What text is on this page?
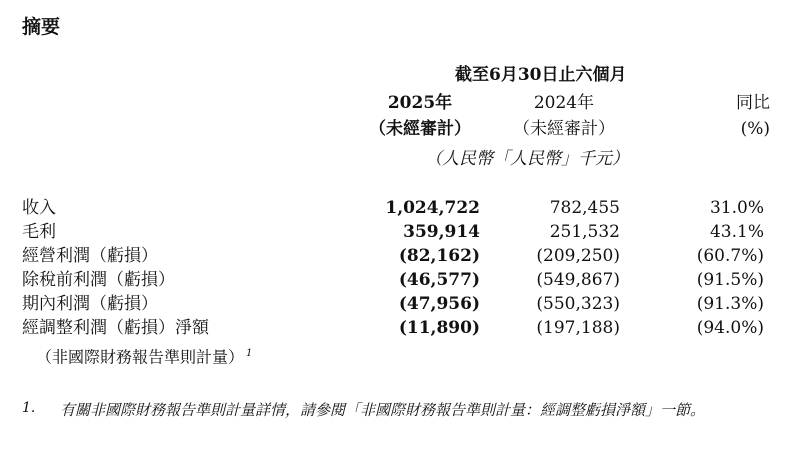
摘要
截至6月30日止六個月
2025年
（未經審計）
2024年
（未經審計）
同比
(%)
（人民幣「人民幣」千元）
收入	1,024,722	782,455	31.0%
毛利	359,914	251,532	43.1%
經營利潤（虧損）	(82,162)	(209,250)	(60.7%)
除稅前利潤（虧損）	(46,577)	(549,867)	(91.5%)
期內利潤（虧損）	(47,956)	(550,323)	(91.3%)
經調整利潤（虧損）淨額	(11,890)	(197,188)	(94.0%)
（非國際財務報告準則計量） $^1$
1. 有關非國際財務報告準則計量詳情，請參閱「非國際財務報告準則計量：經調整虧損淨額」一節。
